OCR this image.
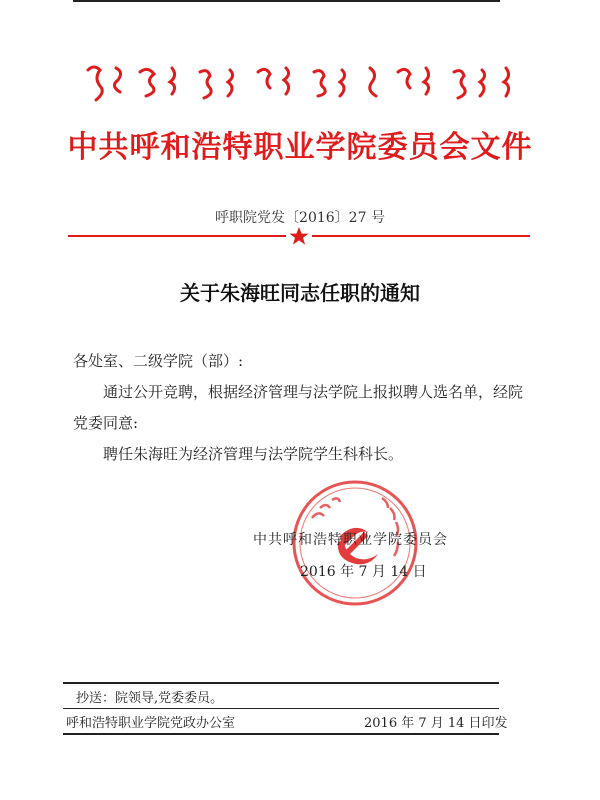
中共呼和浩特职业学院委员会文件
呼职院党发〔2016〕27 号
关于朱海旺同志任职的通知
各处室、二级学院（部）:
通过公开竞聘，根据经济管理与法学院上报拟聘人选名单，经院党委同意:
聘任朱海旺为经济管理与法学院学生科科长。
中共呼和浩特职业学院委员会
2016 年 7 月 14 日
抄送：院领导,党委委员。
呼和浩特职业学院党政办公室	2016 年 7 月 14 日印发
